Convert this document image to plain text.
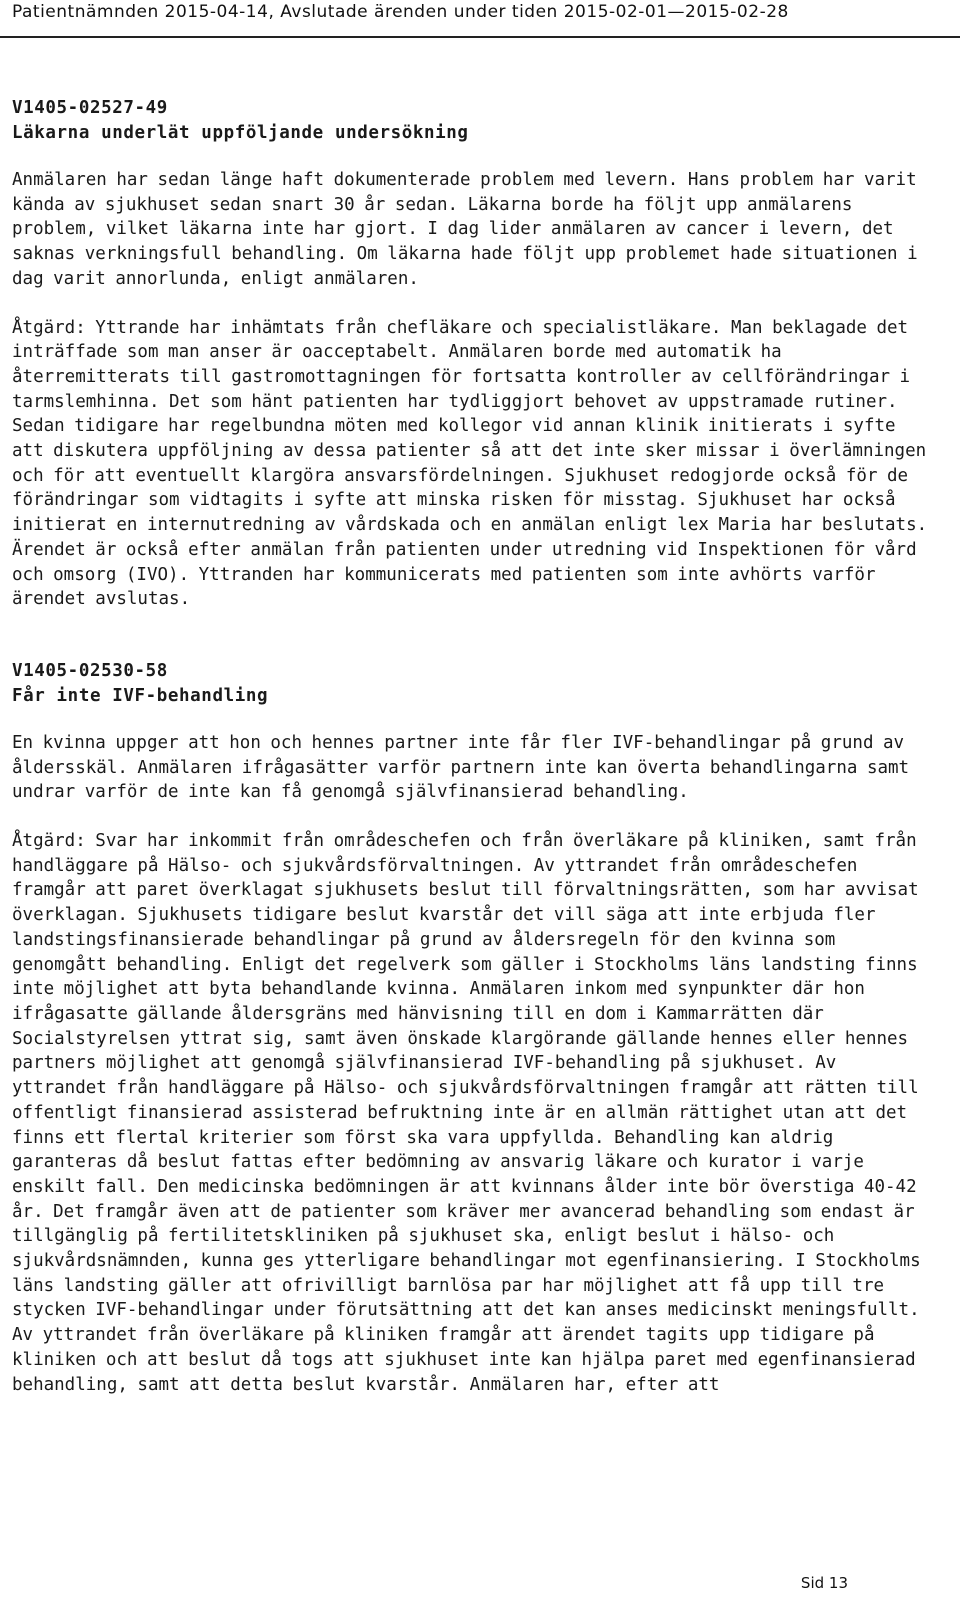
Patientnämnden 2015-04-14, Avslutade ärenden under tiden 2015-02-01—2015-02-28

V1405-02527-49

Läkarna underlät uppföljande undersökning

Anmälaren har sedan länge haft dokumenterade problem med levern. Hans problem har varit kända av sjukhuset sedan snart 30 år sedan. Läkarna borde ha följt upp anmälarens problem, vilket läkarna inte har gjort. I dag lider anmälaren av cancer i levern, det saknas verkningsfull behandling. Om läkarna hade följt upp problemet hade situationen i dag varit annorlunda, enligt anmälaren.

Åtgärd: Yttrande har inhämtats från chefläkare och specialistläkare. Man beklagade det inträffade som man anser är oacceptabelt. Anmälaren borde med automatik ha återremitterats till gastromottagningen för fortsatta kontroller av cellförändringar i tarmslemhinna. Det som hänt patienten har tydliggjort behovet av uppstramade rutiner. Sedan tidigare har regelbundna möten med kollegor vid annan klinik initierats i syfte att diskutera uppföljning av dessa patienter så att det inte sker missar i överlämningen och för att eventuellt klargöra ansvarsfördelningen. Sjukhuset redogjorde också för de förändringar som vidtagits i syfte att minska risken för misstag. Sjukhuset har också initierat en internutredning av vårdskada och en anmälan enligt lex Maria har beslutats. Ärendet är också efter anmälan från patienten under utredning vid Inspektionen för vård och omsorg (IVO). Yttranden har kommunicerats med patienten som inte avhörts varför ärendet avslutas.

V1405-02530-58

Får inte IVF-behandling

En kvinna uppger att hon och hennes partner inte får fler IVF-behandlingar på grund av åldersskäl. Anmälaren ifrågasätter varför partnern inte kan överta behandlingarna samt undrar varför de inte kan få genomgå självfinansierad behandling.

Åtgärd: Svar har inkommit från områdeschefen och från överläkare på kliniken, samt från handläggare på Hälso- och sjukvårdsförvaltningen. Av yttrandet från områdeschefen framgår att paret överklagat sjukhusets beslut till förvaltningsrätten, som har avvisat överklagan. Sjukhusets tidigare beslut kvarstår det vill säga att inte erbjuda fler landstingsfinansierade behandlingar på grund av åldersregeln för den kvinna som genomgått behandling. Enligt det regelverk som gäller i Stockholms läns landsting finns inte möjlighet att byta behandlande kvinna. Anmälaren inkom med synpunkter där hon ifrågasatte gällande åldersgräns med hänvisning till en dom i Kammarrätten där Socialstyrelsen yttrat sig, samt även önskade klargörande gällande hennes eller hennes partners möjlighet att genomgå självfinansierad IVF-behandling på sjukhuset. Av yttrandet från handläggare på Hälso- och sjukvårdsförvaltningen framgår att rätten till offentligt finansierad assisterad befruktning inte är en allmän rättighet utan att det finns ett flertal kriterier som först ska vara uppfyllda. Behandling kan aldrig garanteras då beslut fattas efter bedömning av ansvarig läkare och kurator i varje enskilt fall. Den medicinska bedömningen är att kvinnans ålder inte bör överstiga 40-42 år. Det framgår även att de patienter som kräver mer avancerad behandling som endast är tillgänglig på fertilitetskliniken på sjukhuset ska, enligt beslut i hälso- och sjukvårdsnämnden, kunna ges ytterligare behandlingar mot egenfinansiering. I Stockholms läns landsting gäller att ofrivilligt barnlösa par har möjlighet att få upp till tre stycken IVF-behandlingar under förutsättning att det kan anses medicinskt meningsfullt. Av yttrandet från överläkare på kliniken framgår att ärendet tagits upp tidigare på kliniken och att beslut då togs att sjukhuset inte kan hjälpa paret med egenfinansierad behandling, samt att detta beslut kvarstår. Anmälaren har, efter att

Sid 13
